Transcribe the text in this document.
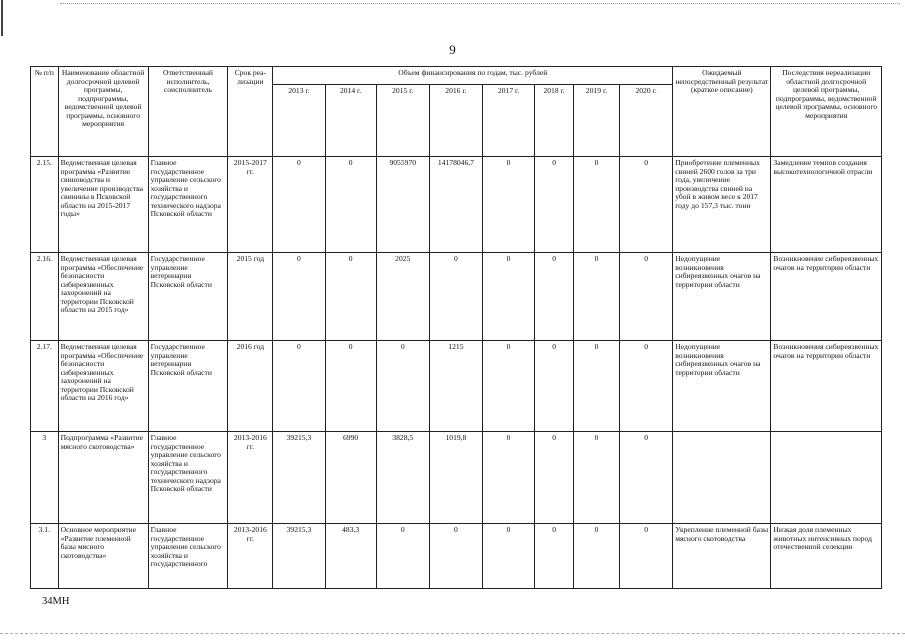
9
№ п/п	Наименование областной долгосрочной целевой программы, подпрограммы, ведомственной целевой программы, основного мероприятия	Ответственный исполнитель, соисполнитель	Срок реа- лизации	Объем финансирования по годам, тыс. рублей								Ожидаемый непосредственный результат (краткое описание)	Последствия нереализации областной долгосрочной целевой программы, подпрограммы, ведомственной целевой программы, основного мероприятия
				2013 г.	2014 г.	2015 г.	2016 г.	2017 г.	2018 г.	2019 г.	2020 г.		
2.15.	Ведомственная целевая программа «Развитие свиноводства и увеличение производства свинины в Псковской области на 2015-2017 годы»	Главное государственное управление сельского хозяйства и государственного технического надзора Псковской области	2015-2017 гг.	0	0	9055970	14178046,7	0	0	0	0	Приобретение племенных свиней 2600 голов за три года, увеличение производства свиней на убой в живом весе к 2017 году до 157,3 тыс. тонн	Замедление темпов создания высокотехнологичной отрасли
2.16.	Ведомственная целевая программа «Обеспечение безопасности сибиреязвенных захоронений на территории Псковской области на 2015 год»	Государственное управление ветеринарии Псковской области	2015 год	0	0	2025	0	0	0	0	0	Недопущение возникновения сибиреязвенных очагов на территории области	Возникновение сибиреязвенных очагов на территории области
2.17.	Ведомственная целевая программа «Обеспечение безопасности сибиреязвенных захоронений на территории Псковской области на 2016 год»	Государственное управление ветеринарии Псковской области	2016 год	0	0	0	1215	0	0	0	0	Недопущение возникновения сибиреязвенных очагов на территории области	Возникновения сибиреязвенных очагов на территории области
3	Подпрограмма «Развитие мясного скотоводства»	Главное государственное управление сельского хозяйства и государственного технического надзора Псковской области	2013-2016 гг.	39215,3	6990	3828,5	1019,8	0	0	0	0		
3.1.	Основное мероприятие «Развитие племенной базы мясного скотоводства»	Главное государственное управление сельского хозяйства и государственного	2013-2016 гг.	39215,3	483,3	0	0	0	0	0	0	Укрепление племенной базы мясного скотоводства	Низкая доля племенных животных интенсивных пород отечественной селекции
34МН
